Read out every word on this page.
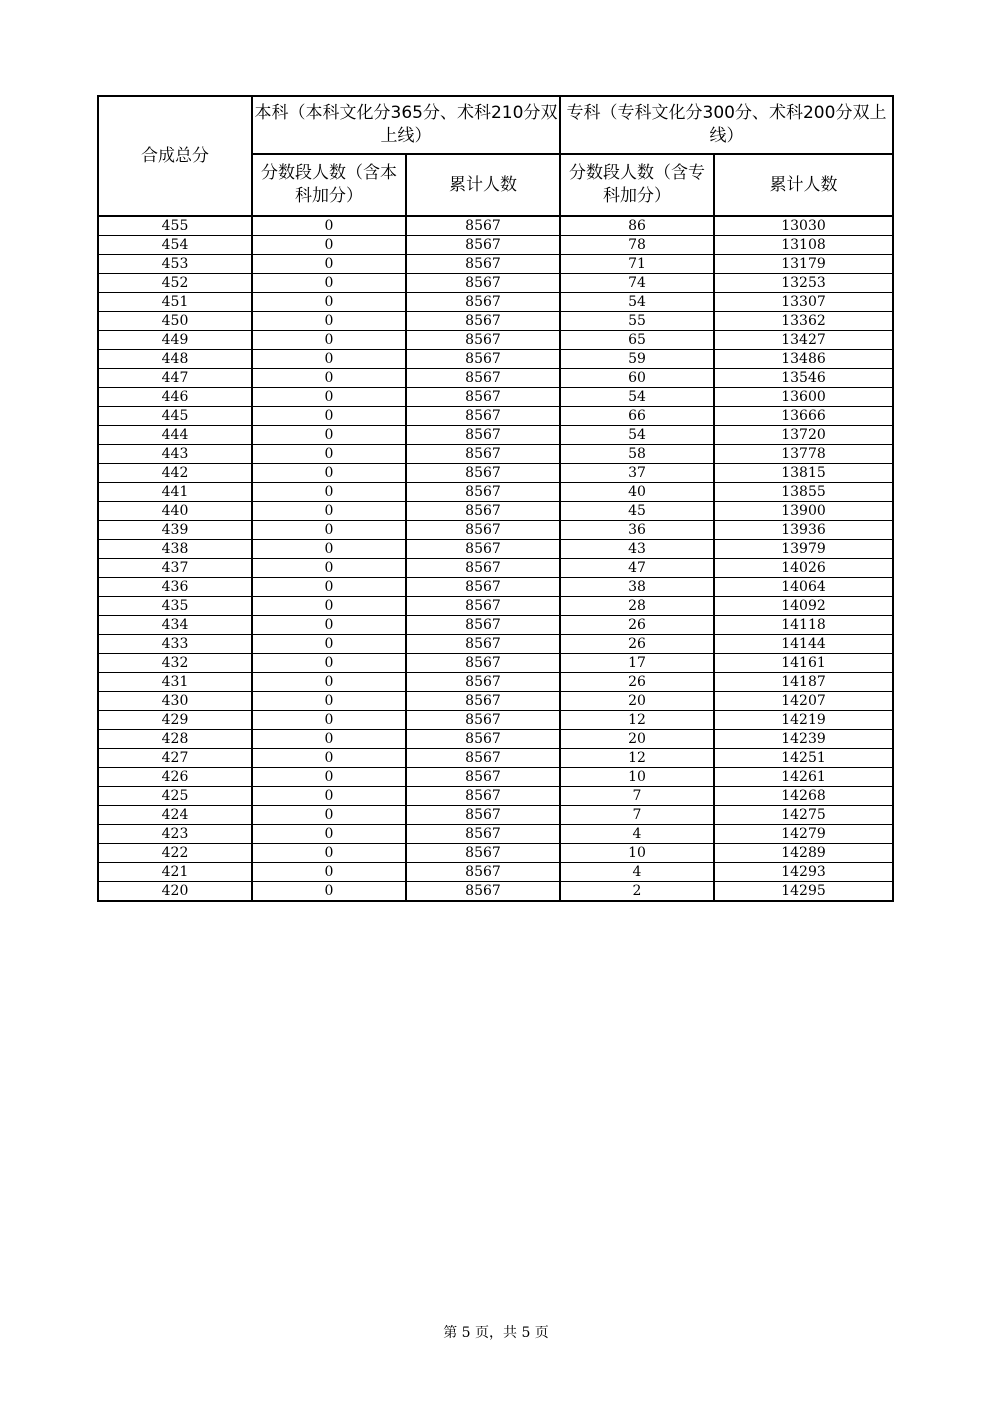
合成总分	本科（本科文化分365分、术科210分双上线）		专科（专科文化分300分、术科200分双上线）	
	分数段人数（含本科加分）	累计人数	分数段人数（含专科加分）	累计人数
455	0	8567	86	13030
454	0	8567	78	13108
453	0	8567	71	13179
452	0	8567	74	13253
451	0	8567	54	13307
450	0	8567	55	13362
449	0	8567	65	13427
448	0	8567	59	13486
447	0	8567	60	13546
446	0	8567	54	13600
445	0	8567	66	13666
444	0	8567	54	13720
443	0	8567	58	13778
442	0	8567	37	13815
441	0	8567	40	13855
440	0	8567	45	13900
439	0	8567	36	13936
438	0	8567	43	13979
437	0	8567	47	14026
436	0	8567	38	14064
435	0	8567	28	14092
434	0	8567	26	14118
433	0	8567	26	14144
432	0	8567	17	14161
431	0	8567	26	14187
430	0	8567	20	14207
429	0	8567	12	14219
428	0	8567	20	14239
427	0	8567	12	14251
426	0	8567	10	14261
425	0	8567	7	14268
424	0	8567	7	14275
423	0	8567	4	14279
422	0	8567	10	14289
421	0	8567	4	14293
420	0	8567	2	14295
第 5 页，共 5 页
